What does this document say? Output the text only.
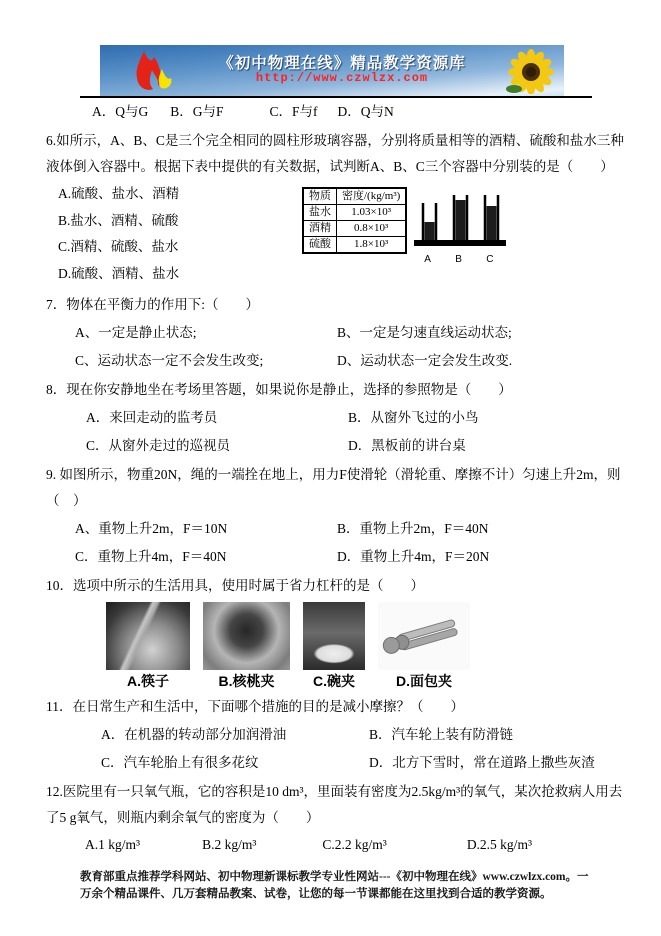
《初中物理在线》精品教学资源库
http://www.czwlzx.com
A．Q与G B．G与F	C．F与f D．Q与N

6.如所示，A、B、C是三个完全相同的圆柱形玻璃容器，分别将质量相等的酒精、硫酸和盐水三种液体倒入容器中。根据下表中提供的有关数据，试判断A、B、C三个容器中分别装的是（　　）

A.硫酸、盐水、酒精
B.盐水、酒精、硫酸
C.酒精、硫酸、盐水
D.硫酸、酒精、盐水
物质	密度/(kg/m³)
盐水	1.03×10³
酒精	0.8×10³
硫酸	1.8×10³
A B C

7．物体在平衡力的作用下:（　　）

A、一定是静止状态;	B、一定是匀速直线运动状态;
C、运动状态一定不会发生改变;	D、运动状态一定会发生改变.

8．现在你安静地坐在考场里答题，如果说你是静止，选择的参照物是（　　）

A．来回走动的监考员	B．从窗外飞过的小鸟
C．从窗外走过的巡视员	D．黑板前的讲台桌

9. 如图所示，物重20N，绳的一端拴在地上，用力F使滑轮（滑轮重、摩擦不计）匀速上升2m，则（　）

A、重物上升2m，F＝10N	B．重物上升2m，F＝40N
C．重物上升4m，F＝40N	D．重物上升4m，F＝20N

10．选项中所示的生活用具，使用时属于省力杠杆的是（　　）

A.筷子	B.核桃夹	C.碗夹	D.面包夹

11．在日常生产和生活中，下面哪个措施的目的是减小摩擦？（　　）

A．在机器的转动部分加润滑油	B．汽车轮上装有防滑链
C．汽车轮胎上有很多花纹	D．北方下雪时，常在道路上撒些灰渣

12.医院里有一只氧气瓶，它的容积是10 dm³，里面装有密度为2.5kg/m³的氧气，某次抢救病人用去了5 g氧气，则瓶内剩余氧气的密度为（　　）

A.1 kg/m³	B.2 kg/m³	C.2.2 kg/m³	D.2.5 kg/m³
教育部重点推荐学科网站、初中物理新课标教学专业性网站---《初中物理在线》www.czwlzx.com。一万余个精品课件、几万套精品教案、试卷，让您的每一节课都能在这里找到合适的教学资源。
